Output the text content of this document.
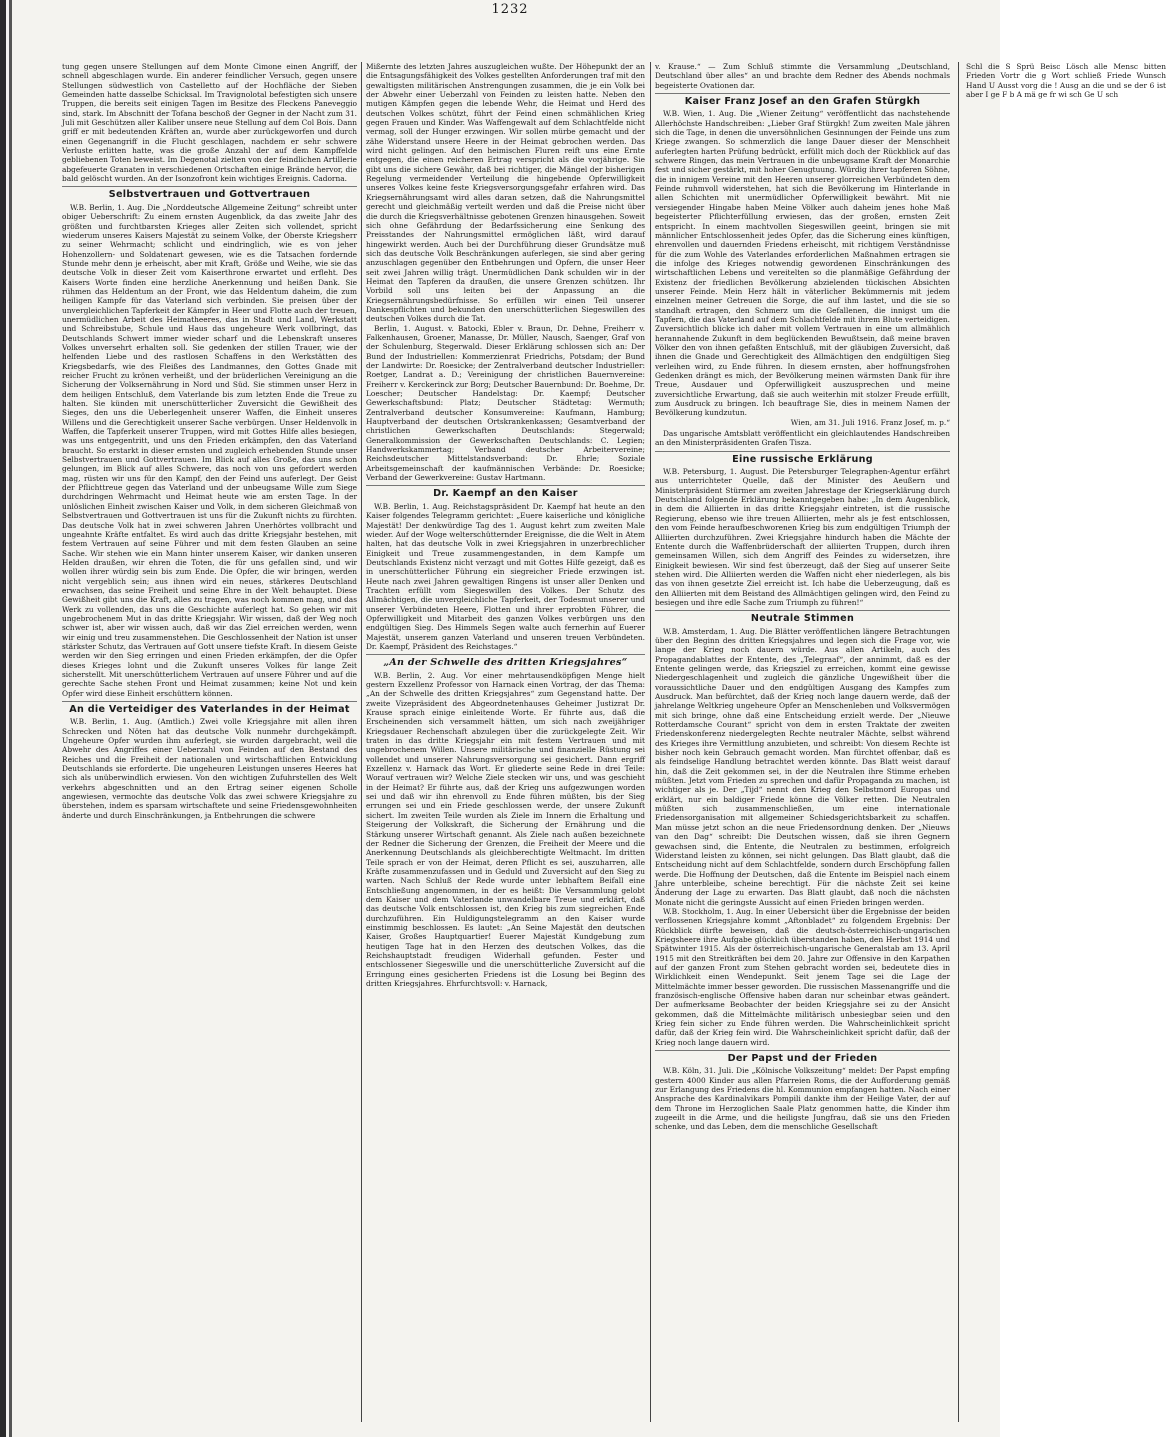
1232

tung gegen unsere Stellungen auf dem Monte Cimone einen Angriff, der schnell abgeschlagen wurde. Ein anderer feindlicher Versuch, gegen unsere Stellungen südwestlich von Castelletto auf der Hochfläche der Sieben Gemeinden hatte dasselbe Schicksal. Im Travignolotal befestigten sich unsere Truppen, die bereits seit einigen Tagen im Besitze des Fleckens Paneveggio sind, stark. Im Abschnitt der Tofana beschoß der Gegner in der Nacht zum 31. Juli mit Geschützen aller Kaliber unsere neue Stellung auf dem Col Bois. Dann griff er mit bedeutenden Kräften an, wurde aber zurückgeworfen und durch einen Gegenangriff in die Flucht geschlagen, nachdem er sehr schwere Verluste erlitten hatte, was die große Anzahl der auf dem Kampffelde gebliebenen Toten beweist. Im Degenotal zielten von der feindlichen Artillerie abgefeuerte Granaten in verschiedenen Ortschaften einige Brände hervor, die bald gelöscht wurden. An der Isonzofront kein wichtiges Ereignis. Cadorna.

Selbstvertrauen und Gottvertrauen

W.B. Berlin, 1. Aug. Die „Norddeutsche Allgemeine Zeitung“ schreibt unter obiger Ueberschrift: Zu einem ernsten Augenblick, da das zweite Jahr des größten und furchtbarsten Krieges aller Zeiten sich vollendet, spricht wiederum unseres Kaisers Majestät zu seinem Volke, der Oberste Kriegsherr zu seiner Wehrmacht; schlicht und eindringlich, wie es von jeher Hohenzollern- und Soldatenart gewesen, wie es die Tatsachen fordernde Stunde mehr denn je erheischt, aber mit Kraft, Größe und Weihe, wie sie das deutsche Volk in dieser Zeit vom Kaiserthrone erwartet und erfleht. Des Kaisers Worte finden eine herzliche Anerkennung und heißen Dank. Sie rühmen das Heldentum an der Front, wie das Heldentum daheim, die zum heiligen Kampfe für das Vaterland sich verbinden. Sie preisen über der unvergleichlichen Tapferkeit der Kämpfer in Heer und Flotte auch der treuen, unermüdlichen Arbeit des Heimatheeres, das in Stadt und Land, Werkstatt und Schreibstube, Schule und Haus das ungeheure Werk vollbringt, das Deutschlands Schwert immer wieder scharf und die Lebenskraft unseres Volkes unversehrt erhalten soll. Sie gedenken der stillen Trauer, wie der helfenden Liebe und des rastlosen Schaffens in den Werkstätten des Kriegsbedarfs, wie des Fleißes des Landmannes, den Gottes Gnade mit reicher Frucht zu krönen verheißt, und der brüderlichen Vereinigung an die Sicherung der Volksernährung in Nord und Süd. Sie stimmen unser Herz in dem heiligen Entschluß, dem Vaterlande bis zum letzten Ende die Treue zu halten. Sie künden mit unerschütterlicher Zuversicht die Gewißheit des Sieges, den uns die Ueberlegenheit unserer Waffen, die Einheit unseres Willens und die Gerechtigkeit unserer Sache verbürgen. Unser Heldenvolk in Waffen, die Tapferkeit unserer Truppen, wird mit Gottes Hilfe alles besiegen, was uns entgegentritt, und uns den Frieden erkämpfen, den das Vaterland braucht. So erstarkt in dieser ernsten und zugleich erhebenden Stunde unser Selbstvertrauen und Gottvertrauen. Im Blick auf alles Große, das uns schon gelungen, im Blick auf alles Schwere, das noch von uns gefordert werden mag, rüsten wir uns für den Kampf, den der Feind uns auferlegt. Der Geist der Pflichttreue gegen das Vaterland und der unbeugsame Wille zum Siege durchdringen Wehrmacht und Heimat heute wie am ersten Tage. In der unlöslichen Einheit zwischen Kaiser und Volk, in dem sicheren Gleichmaß von Selbstvertrauen und Gottvertrauen ist uns für die Zukunft nichts zu fürchten. Das deutsche Volk hat in zwei schweren Jahren Unerhörtes vollbracht und ungeahnte Kräfte entfaltet. Es wird auch das dritte Kriegsjahr bestehen, mit festem Vertrauen auf seine Führer und mit dem festen Glauben an seine Sache. Wir stehen wie ein Mann hinter unserem Kaiser, wir danken unseren Helden draußen, wir ehren die Toten, die für uns gefallen sind, und wir wollen ihrer würdig sein bis zum Ende. Die Opfer, die wir bringen, werden nicht vergeblich sein; aus ihnen wird ein neues, stärkeres Deutschland erwachsen, das seine Freiheit und seine Ehre in der Welt behauptet. Diese Gewißheit gibt uns die Kraft, alles zu tragen, was noch kommen mag, und das Werk zu vollenden, das uns die Geschichte auferlegt hat. So gehen wir mit ungebrochenem Mut in das dritte Kriegsjahr. Wir wissen, daß der Weg noch schwer ist, aber wir wissen auch, daß wir das Ziel erreichen werden, wenn wir einig und treu zusammenstehen. Die Geschlossenheit der Nation ist unser stärkster Schutz, das Vertrauen auf Gott unsere tiefste Kraft. In diesem Geiste werden wir den Sieg erringen und einen Frieden erkämpfen, der die Opfer dieses Krieges lohnt und die Zukunft unseres Volkes für lange Zeit sicherstellt. Mit unerschütterlichem Vertrauen auf unsere Führer und auf die gerechte Sache stehen Front und Heimat zusammen; keine Not und kein Opfer wird diese Einheit erschüttern können.

An die Verteidiger des Vaterlandes in der Heimat

W.B. Berlin, 1. Aug. (Amtlich.) Zwei volle Kriegsjahre mit allen ihren Schrecken und Nöten hat das deutsche Volk nunmehr durchgekämpft. Ungeheure Opfer wurden ihm auferlegt, sie wurden dargebracht, weil die Abwehr des Angriffes einer Ueberzahl von Feinden auf den Bestand des Reiches und die Freiheit der nationalen und wirtschaftlichen Entwicklung Deutschlands sie erforderte. Die ungeheuren Leistungen unseres Heeres hat sich als unüberwindlich erwiesen. Von den wichtigen Zufuhrstellen des Welt verkehrs abgeschnitten und an den Ertrag seiner eigenen Scholle angewiesen, vermochte das deutsche Volk das zwei schwere Kriegsjahre zu überstehen, indem es sparsam wirtschaftete und seine Friedensgewohnheiten änderte und durch Einschränkungen, ja Entbehrungen die schwere

Mißernte des letzten Jahres auszugleichen wußte. Der Höhepunkt der an die Entsagungsfähigkeit des Volkes gestellten Anforderungen traf mit den gewaltigsten militärischen Anstrengungen zusammen, die je ein Volk bei der Abwehr einer Ueberzahl von Feinden zu leisten hatte. Neben den mutigen Kämpfen gegen die lebende Wehr, die Heimat und Herd des deutschen Volkes schützt, führt der Feind einen schmählichen Krieg gegen Frauen und Kinder. Was Waffengewalt auf dem Schlachtfelde nicht vermag, soll der Hunger erzwingen. Wir sollen mürbe gemacht und der zähe Widerstand unsere Heere in der Heimat gebrochen werden. Das wird nicht gelingen. Auf den heimischen Fluren reift uns eine Ernte entgegen, die einen reicheren Ertrag verspricht als die vorjährige. Sie gibt uns die sichere Gewähr, daß bei richtiger, die Mängel der bisherigen Regelung vermeidender Verteilung die hingebende Opferwilligkeit unseres Volkes keine feste Kriegsversorgungsgefahr erfahren wird. Das Kriegsernährungsamt wird alles daran setzen, daß die Nahrungsmittel gerecht und gleichmäßig verteilt werden und daß die Preise nicht über die durch die Kriegsverhältnisse gebotenen Grenzen hinausgehen. Soweit sich ohne Gefährdung der Bedarfssicherung eine Senkung des Preisstandes der Nahrungsmittel ermöglichen läßt, wird darauf hingewirkt werden. Auch bei der Durchführung dieser Grundsätze muß sich das deutsche Volk Beschränkungen auferlegen, sie sind aber gering anzuschlagen gegenüber den Entbehrungen und Opfern, die unser Heer seit zwei Jahren willig trägt. Unermüdlichen Dank schulden wir in der Heimat den Tapferen da draußen, die unsere Grenzen schützen. Ihr Vorbild soll uns leiten bei der Anpassung an die Kriegsernährungsbedürfnisse. So erfüllen wir einen Teil unserer Dankespflichten und bekunden den unerschütterlichen Siegeswillen des deutschen Volkes durch die Tat.

Berlin, 1. August. v. Batocki, Ebler v. Braun, Dr. Dehne, Freiherr v. Falkenhausen, Groener, Manasse, Dr. Müller, Nausch, Saenger, Graf von der Schulenburg, Stegerwald. Dieser Erklärung schlossen sich an: Der Bund der Industriellen: Kommerzienrat Friedrichs, Potsdam; der Bund der Landwirte: Dr. Roesicke; der Zentralverband deutscher Industrieller: Roetger, Landrat a. D.; Vereinigung der christlichen Bauernvereine: Freiherr v. Kerckerinck zur Borg; Deutscher Bauernbund: Dr. Boehme, Dr. Loescher; Deutscher Handelstag: Dr. Kaempf; Deutscher Gewerkschaftsbund: Platz; Deutscher Städtetag: Wermuth; Zentralverband deutscher Konsumvereine: Kaufmann, Hamburg; Hauptverband der deutschen Ortskrankenkassen; Gesamtverband der christlichen Gewerkschaften Deutschlands: Stegerwald; Generalkommission der Gewerkschaften Deutschlands: C. Legien; Handwerkskammertag; Verband deutscher Arbeitervereine; Reichsdeutscher Mittelstandsverband: Dr. Ehrle; Soziale Arbeitsgemeinschaft der kaufmännischen Verbände: Dr. Roesicke; Verband der Gewerkvereine: Gustav Hartmann.

Dr. Kaempf an den Kaiser

W.B. Berlin, 1. Aug. Reichstagspräsident Dr. Kaempf hat heute an den Kaiser folgendes Telegramm gerichtet: „Euere kaiserliche und königliche Majestät! Der denkwürdige Tag des 1. August kehrt zum zweiten Male wieder. Auf der Woge welterschütternder Ereignisse, die die Welt in Atem halten, hat das deutsche Volk in zwei Kriegsjahren in unzerbrechlicher Einigkeit und Treue zusammengestanden, in dem Kampfe um Deutschlands Existenz nicht verzagt und mit Gottes Hilfe gezeigt, daß es in unerschütterlicher Führung ein siegreicher Friede erzwingen ist. Heute nach zwei Jahren gewaltigen Ringens ist unser aller Denken und Trachten erfüllt vom Siegeswillen des Volkes. Der Schutz des Allmächtigen, die unvergleichliche Tapferkeit, der Todesmut unserer und unserer Verbündeten Heere, Flotten und ihrer erprobten Führer, die Opferwilligkeit und Mitarbeit des ganzen Volkes verbürgen uns den endgültigen Sieg. Des Himmels Segen walte auch fernerhin auf Euerer Majestät, unserem ganzen Vaterland und unseren treuen Verbündeten. Dr. Kaempf, Präsident des Reichstages.“

„An der Schwelle des dritten Kriegsjahres“

W.B. Berlin, 2. Aug. Vor einer mehrtausendköpfigen Menge hielt gestern Exzellenz Professor von Harnack einen Vortrag, der das Thema: „An der Schwelle des dritten Kriegsjahres“ zum Gegenstand hatte. Der zweite Vizepräsident des Abgeordnetenhauses Geheimer Justizrat Dr. Krause sprach einige einleitende Worte. Er führte aus, daß die Erscheinenden sich versammelt hätten, um sich nach zweijähriger Kriegsdauer Rechenschaft abzulegen über die zurückgelegte Zeit. Wir traten in das dritte Kriegsjahr ein mit festem Vertrauen und mit ungebrochenem Willen. Unsere militärische und finanzielle Rüstung sei vollendet und unserer Nahrungsversorgung sei gesichert. Dann ergriff Exzellenz v. Harnack das Wort. Er gliederte seine Rede in drei Teile: Worauf vertrauen wir? Welche Ziele stecken wir uns, und was geschieht in der Heimat? Er führte aus, daß der Krieg uns aufgezwungen worden sei und daß wir ihn ehrenvoll zu Ende führen müßten, bis der Sieg errungen sei und ein Friede geschlossen werde, der unsere Zukunft sichert. Im zweiten Teile wurden als Ziele im Innern die Erhaltung und Steigerung der Volkskraft, die Sicherung der Ernährung und die Stärkung unserer Wirtschaft genannt. Als Ziele nach außen bezeichnete der Redner die Sicherung der Grenzen, die Freiheit der Meere und die Anerkennung Deutschlands als gleichberechtigte Weltmacht. Im dritten Teile sprach er von der Heimat, deren Pflicht es sei, auszuharren, alle Kräfte zusammenzufassen und in Geduld und Zuversicht auf den Sieg zu warten. Nach Schluß der Rede wurde unter lebhaftem Beifall eine Entschließung angenommen, in der es heißt: Die Versammlung gelobt dem Kaiser und dem Vaterlande unwandelbare Treue und erklärt, daß das deutsche Volk entschlossen ist, den Krieg bis zum siegreichen Ende durchzuführen. Ein Huldigungstelegramm an den Kaiser wurde einstimmig beschlossen. Es lautet: „An Seine Majestät den deutschen Kaiser, Großes Hauptquartier! Euerer Majestät Kundgebung zum heutigen Tage hat in den Herzen des deutschen Volkes, das die Reichshauptstadt freudigen Widerhall gefunden. Fester und entschlossener Siegeswille und die unerschütterliche Zuversicht auf die Erringung eines gesicherten Friedens ist die Losung bei Beginn des dritten Kriegsjahres. Ehrfurchtsvoll: v. Harnack,

v. Krause.“ — Zum Schluß stimmte die Versammlung „Deutschland, Deutschland über alles“ an und brachte dem Redner des Abends nochmals begeisterte Ovationen dar.

Kaiser Franz Josef an den Grafen Stürgkh

W.B. Wien, 1. Aug. Die „Wiener Zeitung“ veröffentlicht das nachstehende Allerhöchste Handschreiben: „Lieber Graf Stürgkh! Zum zweiten Male jähren sich die Tage, in denen die unversöhnlichen Gesinnungen der Feinde uns zum Kriege zwangen. So schmerzlich die lange Dauer dieser der Menschheit auferlegten harten Prüfung bedrückt, erfüllt mich doch der Rückblick auf das schwere Ringen, das mein Vertrauen in die unbeugsame Kraft der Monarchie fest und sicher gestärkt, mit hoher Genugtuung. Würdig ihrer tapferen Söhne, die in innigem Vereine mit den Heeren unserer glorreichen Verbündeten dem Feinde ruhmvoll widerstehen, hat sich die Bevölkerung im Hinterlande in allen Schichten mit unermüdlicher Opferwilligkeit bewährt. Mit nie versiegender Hingabe haben Meine Völker auch daheim jenes hohe Maß begeisterter Pflichterfüllung erwiesen, das der großen, ernsten Zeit entspricht. In einem machtvollen Siegeswillen geeint, bringen sie mit männlicher Entschlossenheit jedes Opfer, das die Sicherung eines künftigen, ehrenvollen und dauernden Friedens erheischt, mit richtigem Verständnisse für die zum Wohle des Vaterlandes erforderlichen Maßnahmen ertragen sie die infolge des Krieges notwendig gewordenen Einschränkungen des wirtschaftlichen Lebens und vereitelten so die planmäßige Gefährdung der Existenz der friedlichen Bevölkerung abzielenden tückischen Absichten unserer Feinde. Mein Herz hält in väterlicher Bekümmernis mit jedem einzelnen meiner Getreuen die Sorge, die auf ihm lastet, und die sie so standhaft ertragen, den Schmerz um die Gefallenen, die innigst um die Tapfern, die das Vaterland auf dem Schlachtfelde mit ihrem Blute verteidigen. Zuversichtlich blicke ich daher mit vollem Vertrauen in eine um allmählich herannahende Zukunft in dem beglückenden Bewußtsein, daß meine braven Völker den von ihnen gefaßten Entschluß, mit der gläubigen Zuversicht, daß ihnen die Gnade und Gerechtigkeit des Allmächtigen den endgültigen Sieg verleihen wird, zu Ende führen. In diesem ernsten, aber hoffnungsfrohen Gedenken drängt es mich, der Bevölkerung meinen wärmsten Dank für ihre Treue, Ausdauer und Opferwilligkeit auszusprechen und meine zuversichtliche Erwartung, daß sie auch weiterhin mit stolzer Freude erfüllt, zum Ausdruck zu bringen. Ich beauftrage Sie, dies in meinem Namen der Bevölkerung kundzutun.

Wien, am 31. Juli 1916. Franz Josef, m. p.“

Das ungarische Amtsblatt veröffentlicht ein gleichlautendes Handschreiben an den Ministerpräsidenten Grafen Tisza.

Eine russische Erklärung

W.B. Petersburg, 1. August. Die Petersburger Telegraphen-Agentur erfährt aus unterrichteter Quelle, daß der Minister des Aeußern und Ministerpräsident Stürmer am zweiten Jahrestage der Kriegserklärung durch Deutschland folgende Erklärung bekanntgegeben habe: „In dem Augenblick, in dem die Alliierten in das dritte Kriegsjahr eintreten, ist die russische Regierung, ebenso wie ihre treuen Alliierten, mehr als je fest entschlossen, den vom Feinde heraufbeschworenen Krieg bis zum endgültigen Triumph der Alliierten durchzuführen. Zwei Kriegsjahre hindurch haben die Mächte der Entente durch die Waffenbrüderschaft der alliierten Truppen, durch ihren gemeinsamen Willen, sich dem Angriff des Feindes zu widersetzen, ihre Einigkeit bewiesen. Wir sind fest überzeugt, daß der Sieg auf unserer Seite stehen wird. Die Alliierten werden die Waffen nicht eher niederlegen, als bis das von ihnen gesetzte Ziel erreicht ist. Ich habe die Ueberzeugung, daß es den Alliierten mit dem Beistand des Allmächtigen gelingen wird, den Feind zu besiegen und ihre edle Sache zum Triumph zu führen!“

Neutrale Stimmen

W.B. Amsterdam, 1. Aug. Die Blätter veröffentlichen längere Betrachtungen über den Beginn des dritten Kriegsjahres und legen sich die Frage vor, wie lange der Krieg noch dauern würde. Aus allen Artikeln, auch des Propagandablattes der Entente, des „Telegraaf“, der annimmt, daß es der Entente gelingen werde, das Kriegsziel zu erreichen, kommt eine gewisse Niedergeschlagenheit und zugleich die gänzliche Ungewißheit über die voraussichtliche Dauer und den endgültigen Ausgang des Kampfes zum Ausdruck. Man befürchtet, daß der Krieg noch lange dauern werde, daß der jahrelange Weltkrieg ungeheure Opfer an Menschenleben und Volksvermögen mit sich bringe, ohne daß eine Entscheidung erzielt werde. Der „Nieuwe Rotterdamsche Courant“ spricht von dem in ersten Traktate der zweiten Friedenskonferenz niedergelegten Rechte neutraler Mächte, selbst während des Krieges ihre Vermittlung anzubieten, und schreibt: Von diesem Rechte ist bisher noch kein Gebrauch gemacht worden. Man fürchtet offenbar, daß es als feindselige Handlung betrachtet werden könnte. Das Blatt weist darauf hin, daß die Zeit gekommen sei, in der die Neutralen ihre Stimme erheben müßten. Jetzt vom Frieden zu sprechen und dafür Propaganda zu machen, ist wichtiger als je. Der „Tijd“ nennt den Krieg den Selbstmord Europas und erklärt, nur ein baldiger Friede könne die Völker retten. Die Neutralen müßten sich zusammenschließen, um eine internationale Friedensorganisation mit allgemeiner Schiedsgerichtsbarkeit zu schaffen. Man müsse jetzt schon an die neue Friedensordnung denken. Der „Nieuws van den Dag“ schreibt: Die Deutschen wissen, daß sie ihren Gegnern gewachsen sind, die Entente, die Neutralen zu bestimmen, erfolgreich Widerstand leisten zu können, sei nicht gelungen. Das Blatt glaubt, daß die Entscheidung nicht auf dem Schlachtfelde, sondern durch Erschöpfung fallen werde. Die Hoffnung der Deutschen, daß die Entente im Beispiel nach einem Jahre unterbleibe, scheine berechtigt. Für die nächste Zeit sei keine Änderung der Lage zu erwarten. Das Blatt glaubt, daß noch die nächsten Monate nicht die geringste Aussicht auf einen Frieden bringen werden.

W.B. Stockholm, 1. Aug. In einer Uebersicht über die Ergebnisse der beiden verflossenen Kriegsjahre kommt „Aftonbladet“ zu folgendem Ergebnis: Der Rückblick dürfte beweisen, daß die deutsch-österreichisch-ungarischen Kriegsheere ihre Aufgabe glücklich überstanden haben, den Herbst 1914 und Spätwinter 1915. Als der österreichisch-ungarische Generalstab am 13. April 1915 mit den Streitkräften bei dem 20. Jahre zur Offensive in den Karpathen auf der ganzen Front zum Stehen gebracht worden sei, bedeutete dies in Wirklichkeit einen Wendepunkt. Seit jenem Tage sei die Lage der Mittelmächte immer besser geworden. Die russischen Massenangriffe und die französisch-englische Offensive haben daran nur scheinbar etwas geändert. Der aufmerksame Beobachter der beiden Kriegsjahre sei zu der Ansicht gekommen, daß die Mittelmächte militärisch unbesiegbar seien und den Krieg fein sicher zu Ende führen werden. Die Wahrscheinlichkeit spricht dafür, daß der Krieg fein wird. Die Wahrscheinlichkeit spricht dafür, daß der Krieg noch lange dauern wird.

Der Papst und der Frieden

W.B. Köln, 31. Juli. Die „Kölnische Volkszeitung“ meldet: Der Papst empfing gestern 4000 Kinder aus allen Pfarreien Roms, die der Aufforderung gemäß zur Erlangung des Friedens die hl. Kommunion empfangen hatten. Nach einer Ansprache des Kardinalvikars Pompili dankte ihm der Heilige Vater, der auf dem Throne im Herzoglichen Saale Platz genommen hatte, die Kinder ihm zugeeilt in die Arme, und die heiligste Jungfrau, daß sie uns den Frieden schenke, und das Leben, dem die menschliche Gesellschaft

Schl die S Sprü Beisc Lösch alle Mensc bitten Frieden Vortr die g Wort schließ Friede Wunsch Hand U Ausst vorg die ! Ausg an die und se der 6 ist aber I ge F b A mä ge fr wi sch Ge U sch
